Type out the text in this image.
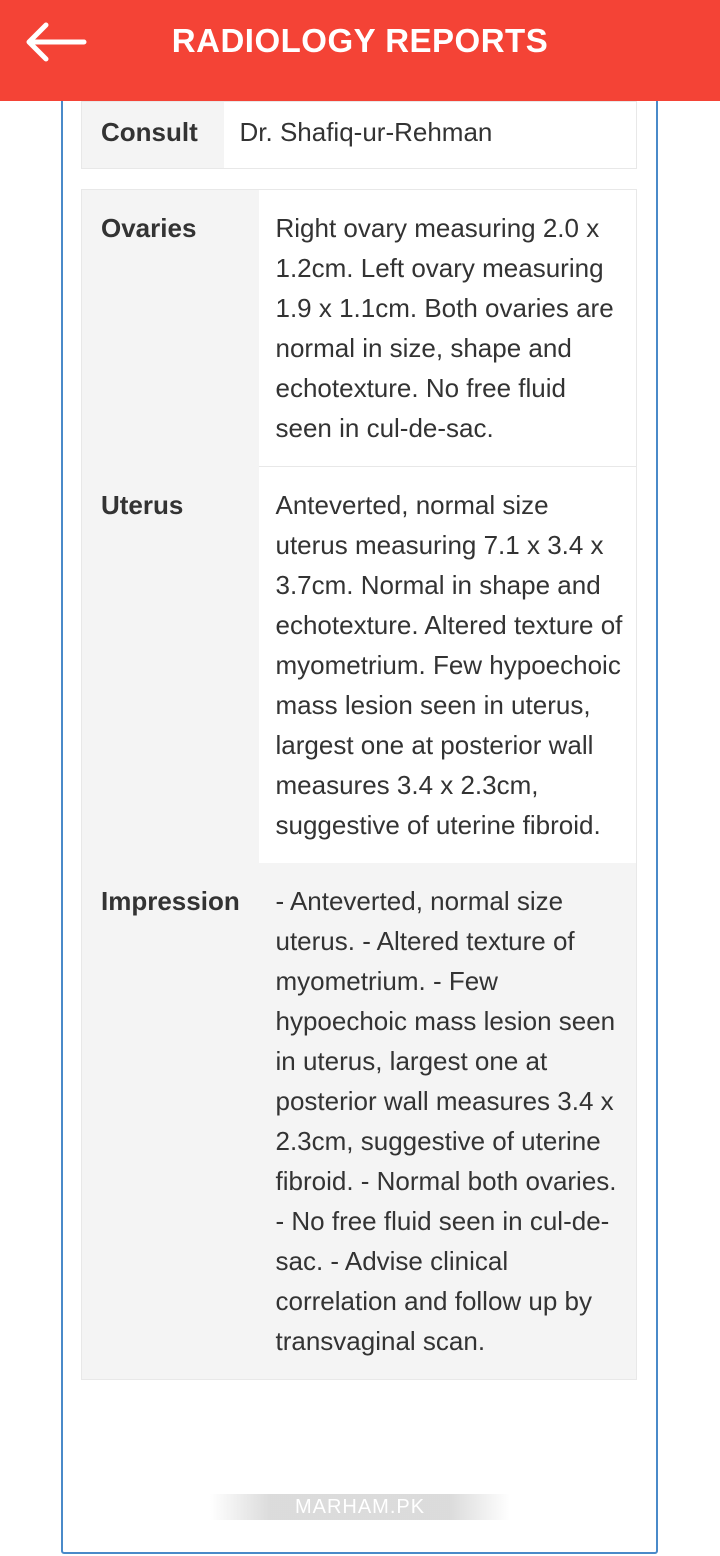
RADIOLOGY REPORTS
Consult	Dr. Shafiq-ur-Rehman
Ovaries	Right ovary measuring 2.0 x 1.2cm. Left ovary measuring 1.9 x 1.1cm. Both ovaries are normal in size, shape and echotexture. No free fluid seen in cul-de-sac.
Uterus	Anteverted, normal size uterus measuring 7.1 x 3.4 x 3.7cm. Normal in shape and echotexture. Altered texture of myometrium. Few hypoechoic mass lesion seen in uterus, largest one at posterior wall measures 3.4 x 2.3cm, suggestive of uterine fibroid.
Impression	- Anteverted, normal size uterus. - Altered texture of myometrium. - Few hypoechoic mass lesion seen in uterus, largest one at posterior wall measures 3.4 x 2.3cm, suggestive of uterine fibroid. - Normal both ovaries. - No free fluid seen in cul-de-sac. - Advise clinical correlation and follow up by transvaginal scan.
MARHAM.PK
